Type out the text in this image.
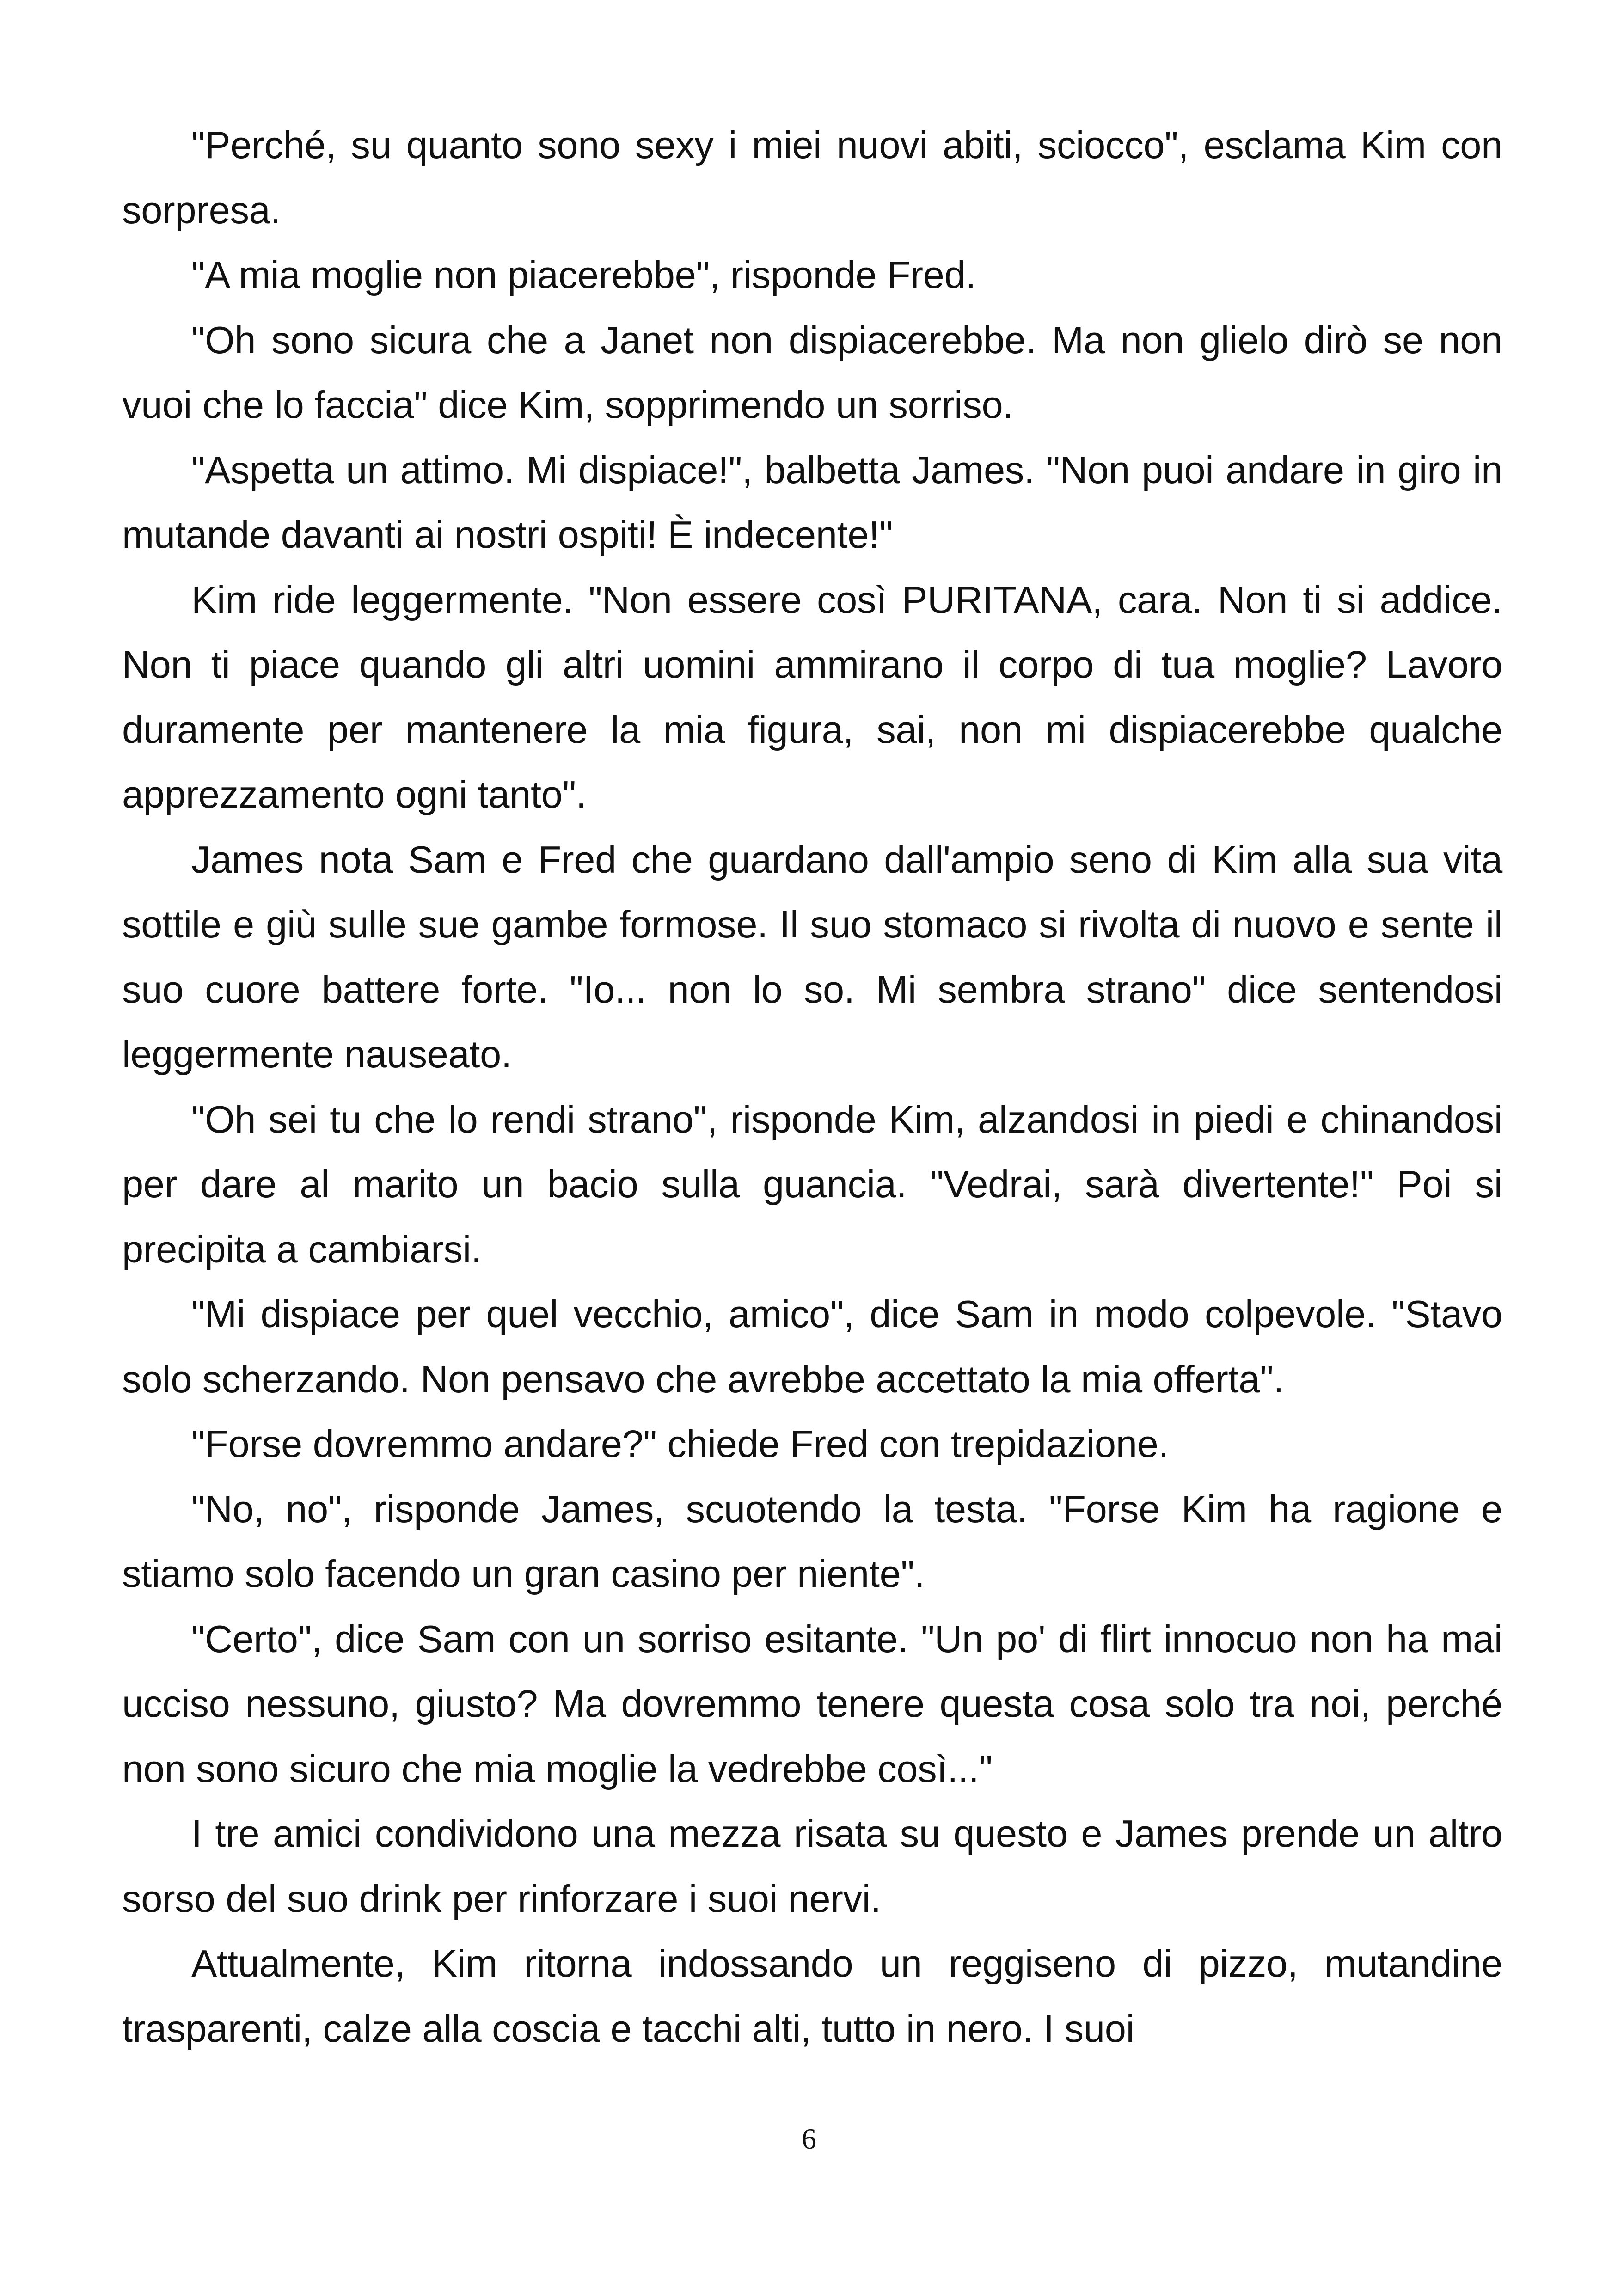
"Perché, su quanto sono sexy i miei nuovi abiti, sciocco", esclama Kim con sorpresa.

"A mia moglie non piacerebbe", risponde Fred.

"Oh sono sicura che a Janet non dispiacerebbe. Ma non glielo dirò se non vuoi che lo faccia" dice Kim, sopprimendo un sorriso.

"Aspetta un attimo. Mi dispiace!", balbetta James. "Non puoi andare in giro in mutande davanti ai nostri ospiti! È indecente!"

Kim ride leggermente. "Non essere così PURITANA, cara. Non ti si addice. Non ti piace quando gli altri uomini ammirano il corpo di tua moglie? Lavoro duramente per mantenere la mia figura, sai, non mi dispiacerebbe qualche apprezzamento ogni tanto".

James nota Sam e Fred che guardano dall'ampio seno di Kim alla sua vita sottile e giù sulle sue gambe formose. Il suo stomaco si rivolta di nuovo e sente il suo cuore battere forte. "Io... non lo so. Mi sembra strano" dice sentendosi leggermente nauseato.

"Oh sei tu che lo rendi strano", risponde Kim, alzandosi in piedi e chinandosi per dare al marito un bacio sulla guancia. "Vedrai, sarà divertente!" Poi si precipita a cambiarsi.

"Mi dispiace per quel vecchio, amico", dice Sam in modo colpevole. "Stavo solo scherzando. Non pensavo che avrebbe accettato la mia offerta".

"Forse dovremmo andare?" chiede Fred con trepidazione.

"No, no", risponde James, scuotendo la testa. "Forse Kim ha ragione e stiamo solo facendo un gran casino per niente".

"Certo", dice Sam con un sorriso esitante. "Un po' di flirt innocuo non ha mai ucciso nessuno, giusto? Ma dovremmo tenere questa cosa solo tra noi, perché non sono sicuro che mia moglie la vedrebbe così..."

I tre amici condividono una mezza risata su questo e James prende un altro sorso del suo drink per rinforzare i suoi nervi.

Attualmente, Kim ritorna indossando un reggiseno di pizzo, mutandine trasparenti, calze alla coscia e tacchi alti, tutto in nero. I suoi

6
